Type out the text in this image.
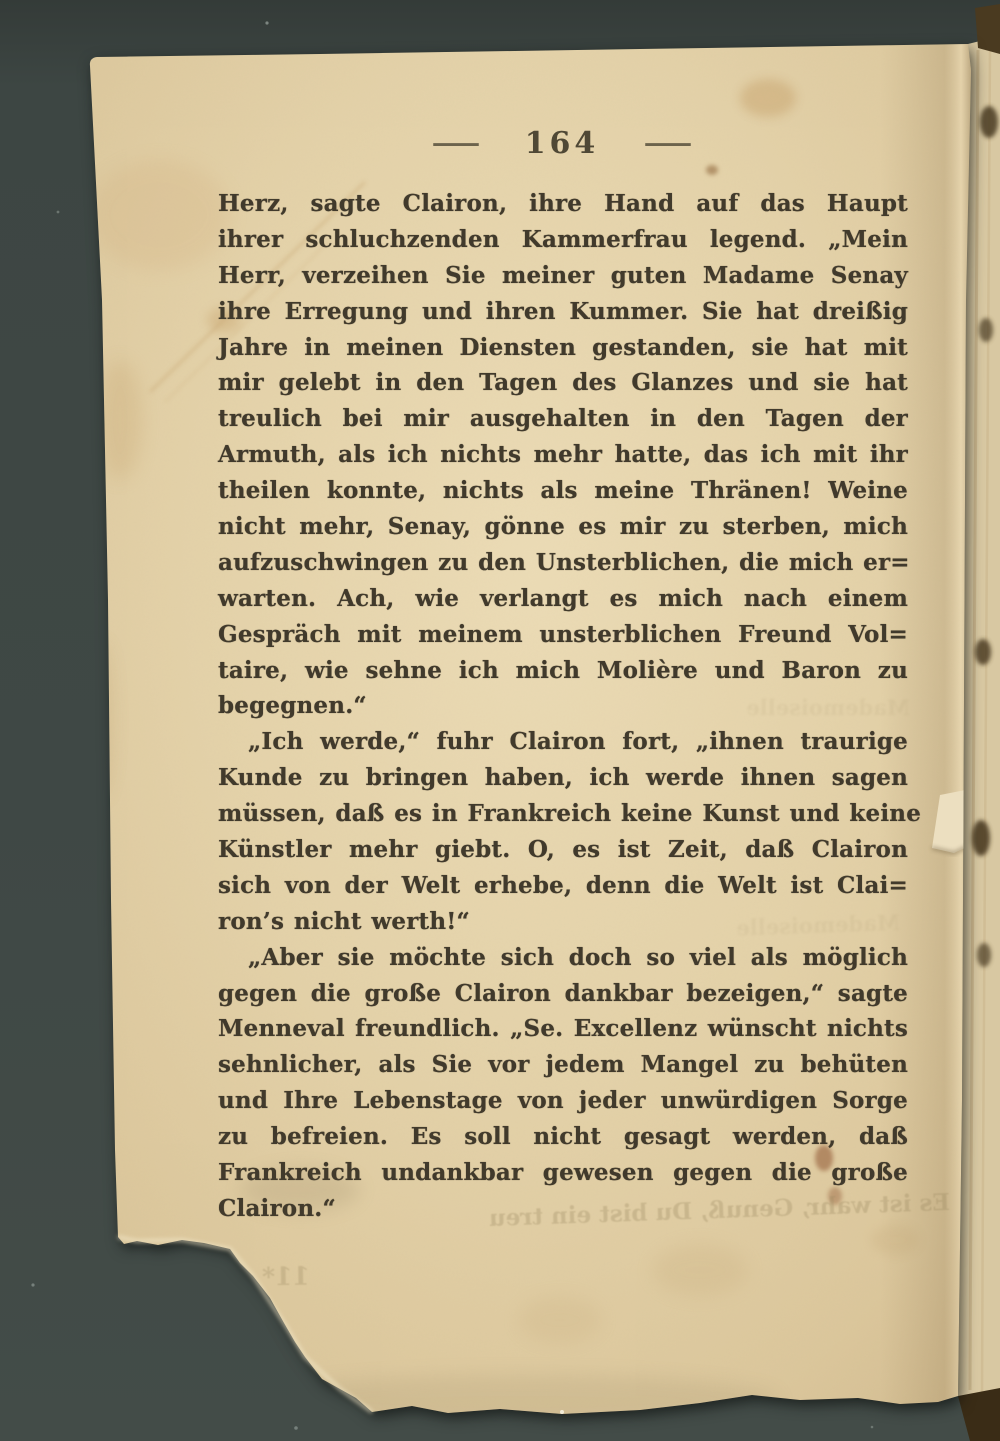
— 164 —
Herz, sagte Clairon, ihre Hand auf das Haupt
ihrer schluchzenden Kammerfrau legend. „Mein
Herr, verzeihen Sie meiner guten Madame Senay
ihre Erregung und ihren Kummer. Sie hat dreißig
Jahre in meinen Diensten gestanden, sie hat mit
mir gelebt in den Tagen des Glanzes und sie hat
treulich bei mir ausgehalten in den Tagen der
Armuth, als ich nichts mehr hatte, das ich mit ihr
theilen konnte, nichts als meine Thränen! Weine
nicht mehr, Senay, gönne es mir zu sterben, mich
aufzuschwingen zu den Unsterblichen, die mich er=
warten. Ach, wie verlangt es mich nach einem
Gespräch mit meinem unsterblichen Freund Vol=
taire, wie sehne ich mich Molière und Baron zu
begegnen.“
„Ich werde,“ fuhr Clairon fort, „ihnen traurige
Kunde zu bringen haben, ich werde ihnen sagen
müssen, daß es in Frankreich keine Kunst und keine
Künstler mehr giebt. O, es ist Zeit, daß Clairon
sich von der Welt erhebe, denn die Welt ist Clai=
ron’s nicht werth!“
„Aber sie möchte sich doch so viel als möglich
gegen die große Clairon dankbar bezeigen,“ sagte
Menneval freundlich. „Se. Excellenz wünscht nichts
sehnlicher, als Sie vor jedem Mangel zu behüten
und Ihre Lebenstage von jeder unwürdigen Sorge
zu befreien. Es soll nicht gesagt werden, daß
Frankreich undankbar gewesen gegen die große
Clairon.“	Es ist wahr, Genuß, Du bist ein treu
11*
